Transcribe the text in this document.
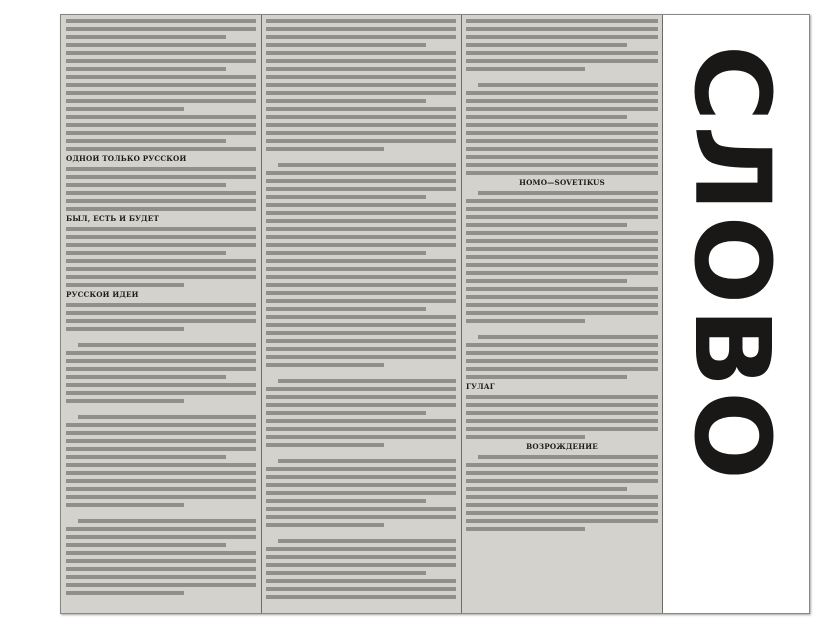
ОДНОЙ ТОЛЬКО РУССКОЙ
БЫЛ, ЕСТЬ И БУДЕТ
РУССКОЙ ИДЕИ
HOMO—SOVETIKUS
ГУЛАГ
ВОЗРОЖДЕНИЕ СЛОВО
